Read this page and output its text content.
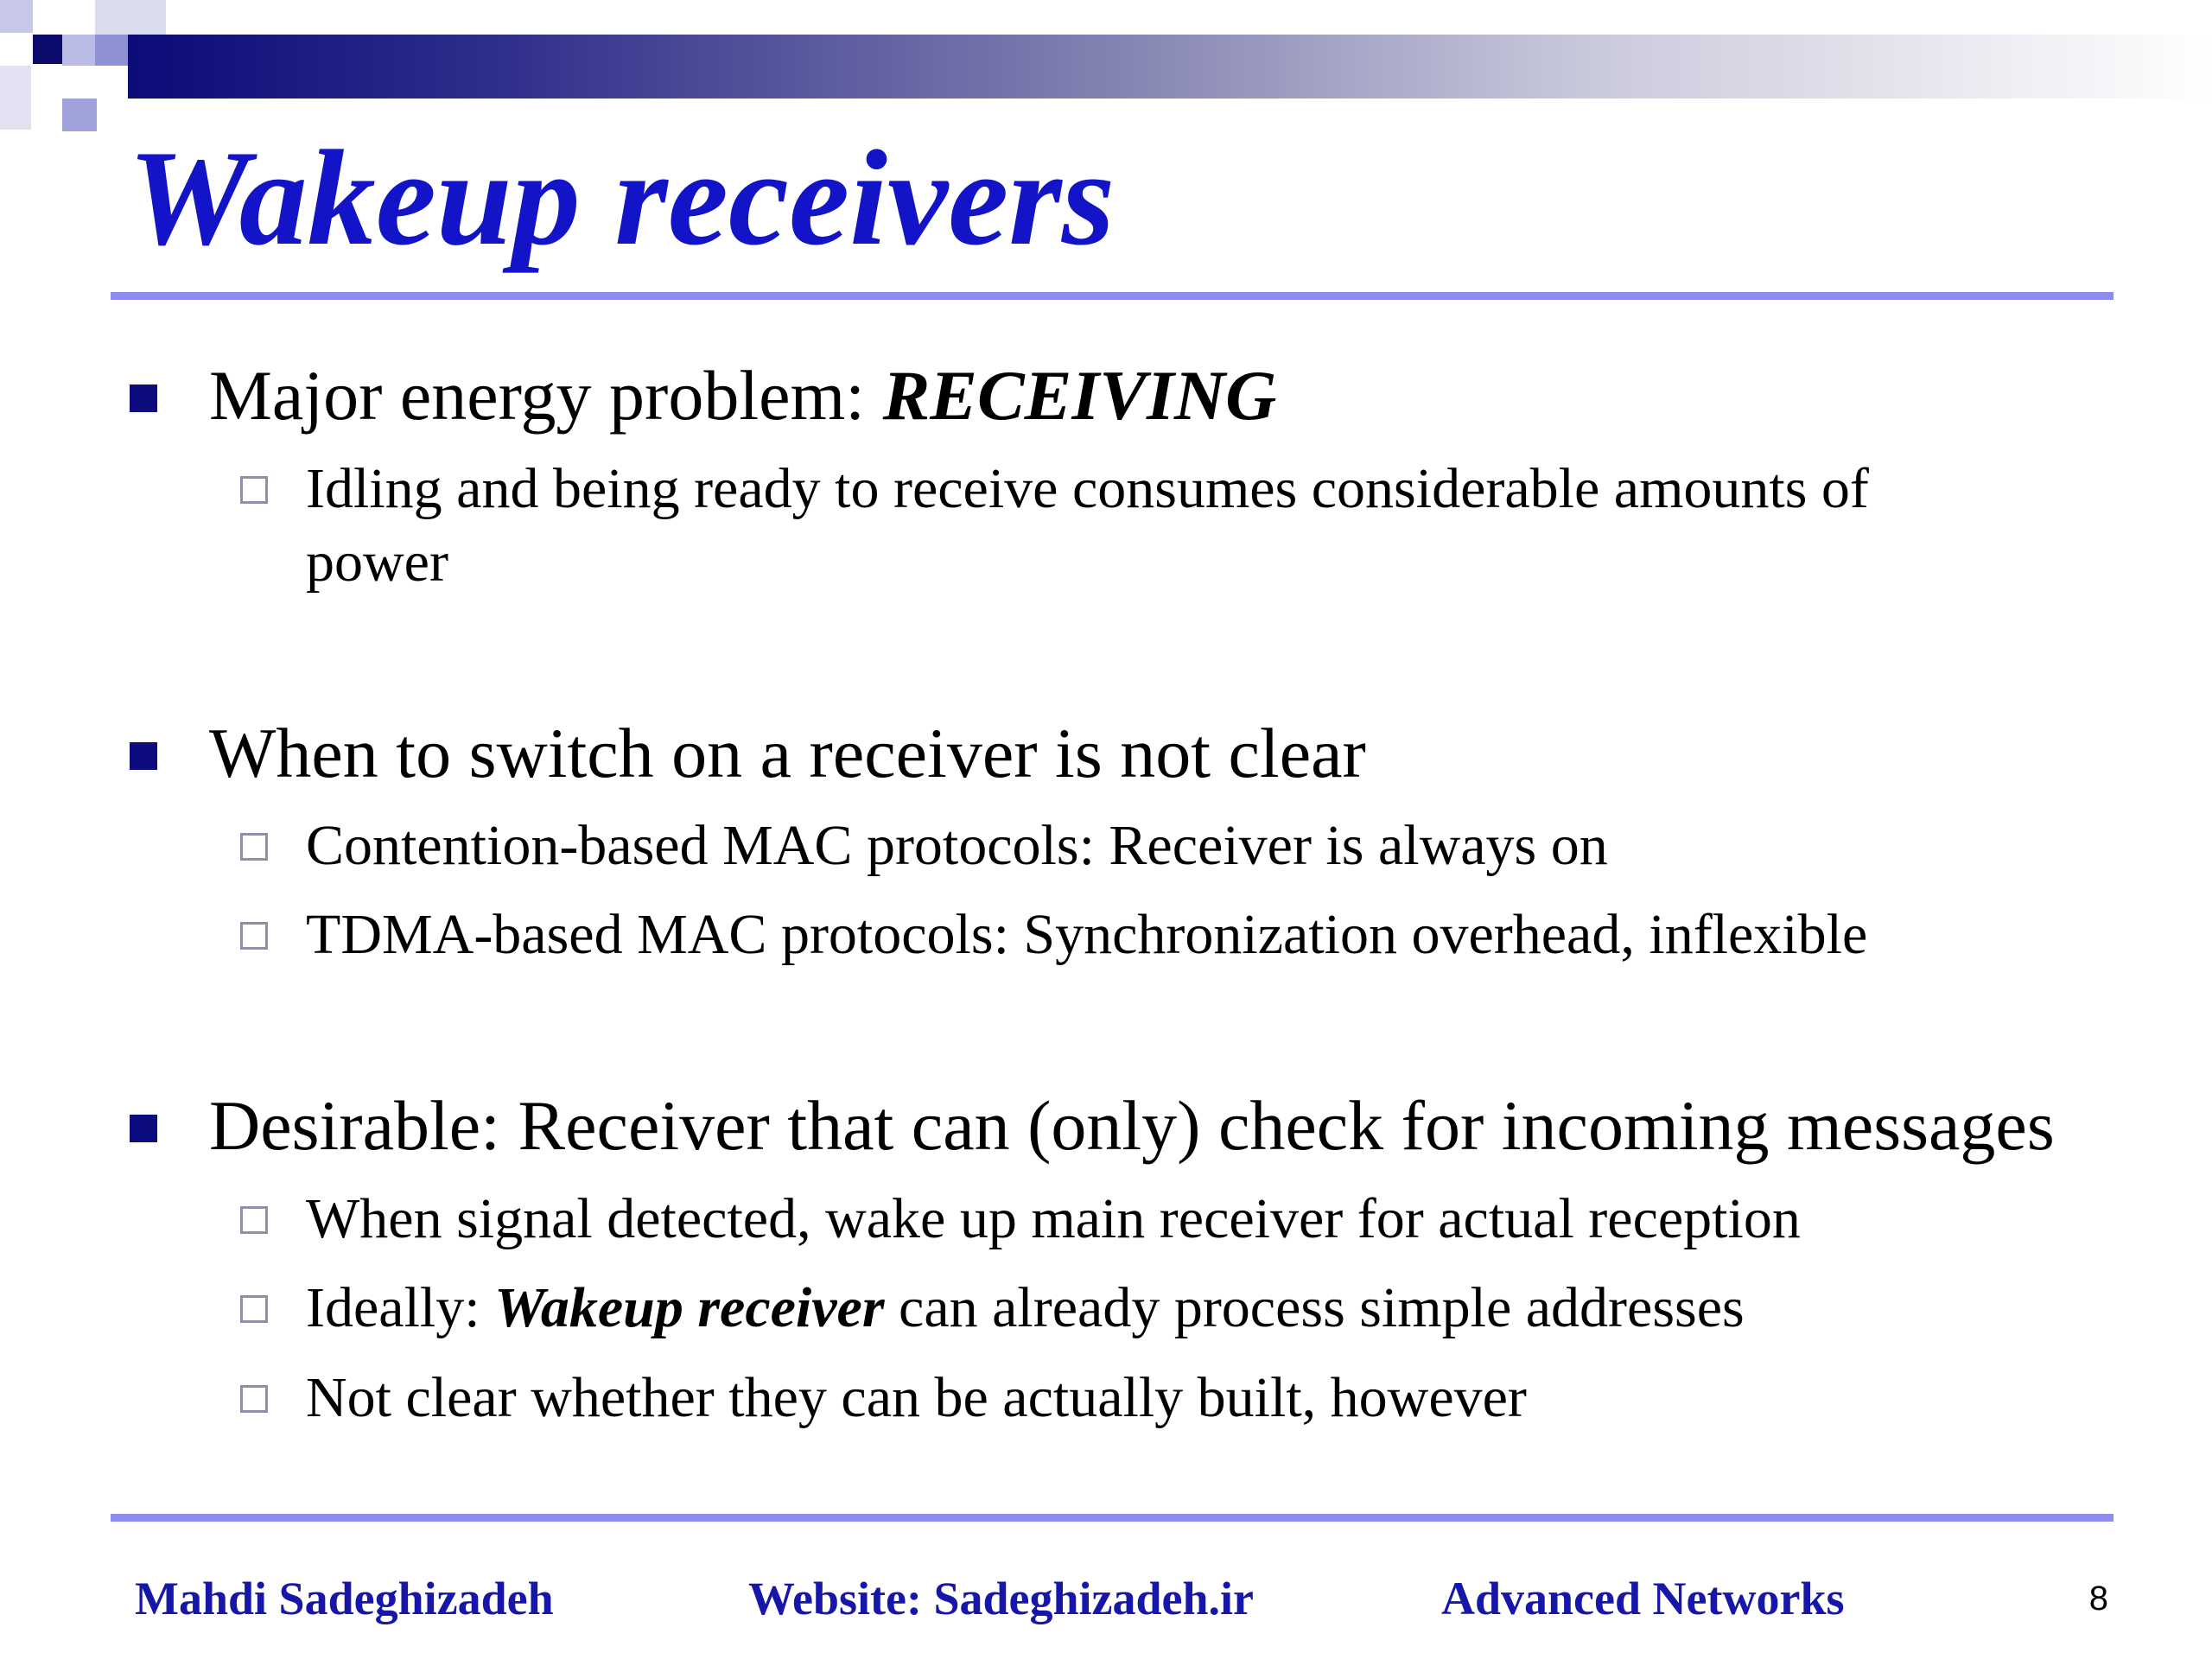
Wakeup receivers

Major energy problem: RECEIVING

Idling and being ready to receive consumes considerable amounts of

power

When to switch on a receiver is not clear

Contention-based MAC protocols: Receiver is always on

TDMA-based MAC protocols: Synchronization overhead, inflexible

Desirable: Receiver that can (only) check for incoming messages

When signal detected, wake up main receiver for actual reception

Ideally: Wakeup receiver can already process simple addresses

Not clear whether they can be actually built, however

Mahdi Sadeghizadeh	Website: Sadeghizadeh.ir	Advanced Networks	8
